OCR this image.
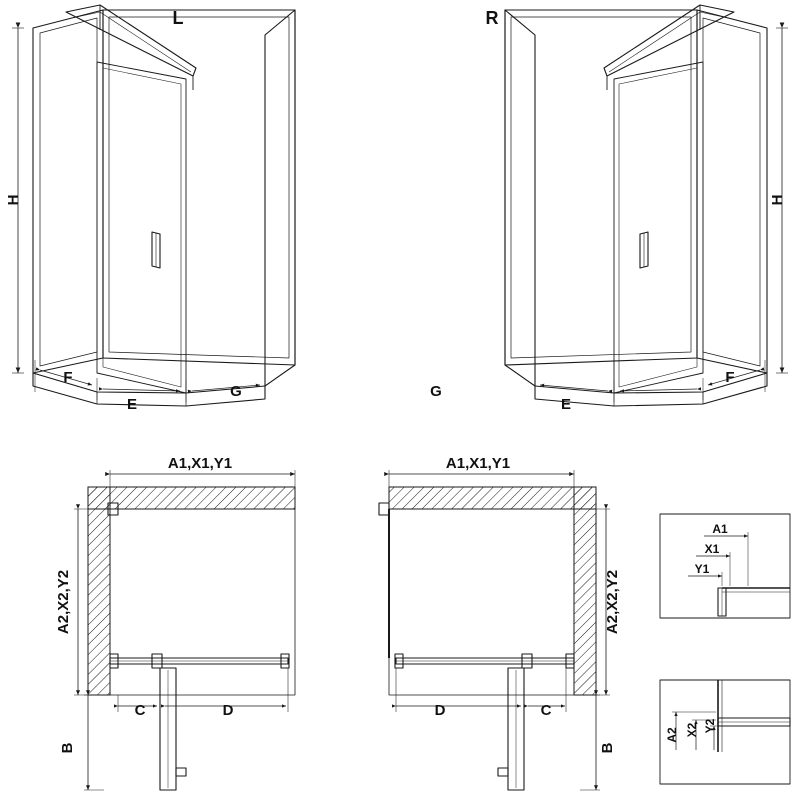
L	R
H	H
F
E
G	G
E
F
A1,X1,Y1	A1,X1,Y1
A2,X2,Y2	A2,X2,Y2
C	D	D	C
B	B
A1
X1
Y1
A2 X2 Y2
